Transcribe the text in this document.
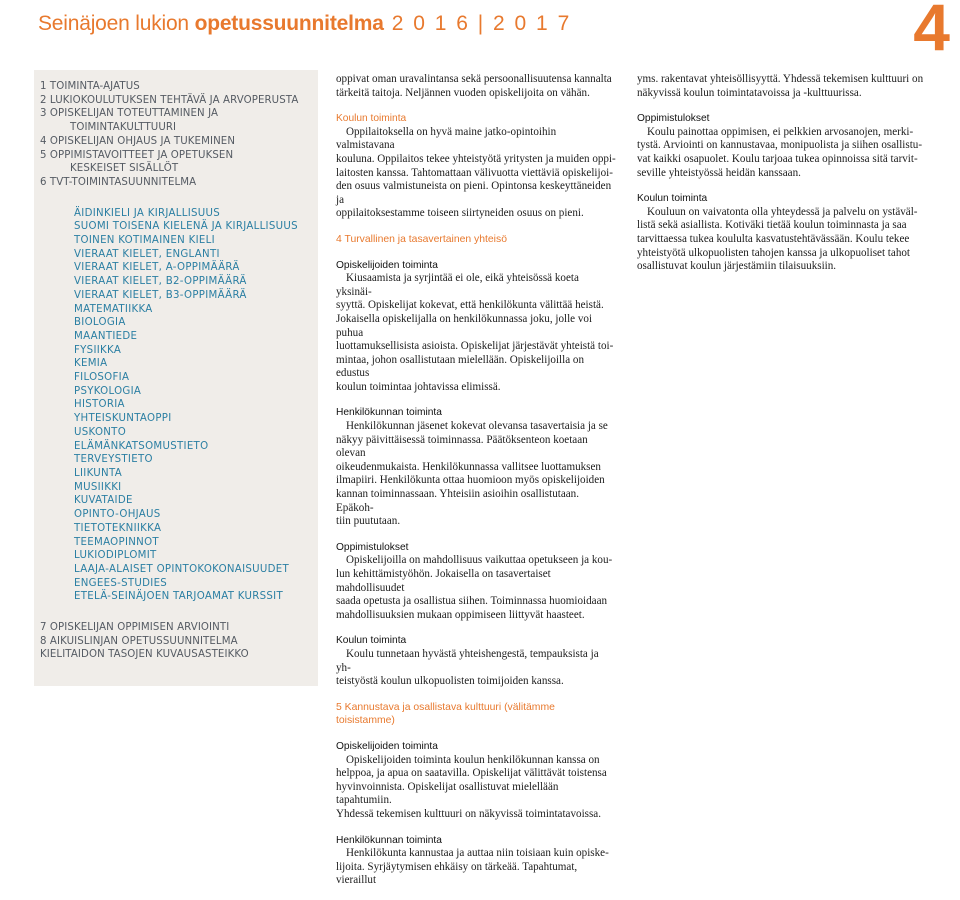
Seinäjoen lukion opetussuunnitelma 2 0 1 6 | 2 0 1 7	4
1 TOIMINTA-AJATUS
2 LUKIOKOULUTUKSEN TEHTÄVÄ JA ARVOPERUSTA
3 OPISKELIJAN TOTEUTTAMINEN JA
TOIMINTAKULTTUURI
4 OPISKELIJAN OHJAUS JA TUKEMINEN
5 OPPIMISTAVOITTEET JA OPETUKSEN
KESKEISET SISÄLLÖT
6 TVT-TOIMINTASUUNNITELMA
ÄIDINKIELI JA KIRJALLISUUS
SUOMI TOISENA KIELENÄ JA KIRJALLISUUS
TOINEN KOTIMAINEN KIELI
VIERAAT KIELET, ENGLANTI
VIERAAT KIELET, A-OPPIMÄÄRÄ
VIERAAT KIELET, B2-OPPIMÄÄRÄ
VIERAAT KIELET, B3-OPPIMÄÄRÄ
MATEMATIIKKA
BIOLOGIA
MAANTIEDE
FYSIIKKA
KEMIA
FILOSOFIA
PSYKOLOGIA
HISTORIA
YHTEISKUNTAOPPI
USKONTO
ELÄMÄNKATSOMUSTIETO
TERVEYSTIETO
LIIKUNTA
MUSIIKKI
KUVATAIDE
OPINTO-OHJAUS
TIETOTEKNIIKKA
TEEMAOPINNOT
LUKIODIPLOMIT
LAAJA-ALAISET OPINTOKOKONAISUUDET
ENGEES-STUDIES
ETELÄ-SEINÄJOEN TARJOAMAT KURSSIT
7 OPISKELIJAN OPPIMISEN ARVIOINTI
8 AIKUISLINJAN OPETUSSUUNNITELMA
KIELITAIDON TASOJEN KUVAUSASTEIKKO
oppivat oman uravalintansa sekä persoonallisuutensa kannalta
tärkeitä taitoja. Neljännen vuoden opiskelijoita on vähän.
Koulun toiminta
Oppilaitoksella on hyvä maine jatko-opintoihin valmistavana
kouluna. Oppilaitos tekee yhteistyötä yritysten ja muiden oppi-
laitosten kanssa. Tahtomattaan välivuotta viettäviä opiskelijoi-
den osuus valmistuneista on pieni. Opintonsa keskeyttäneiden ja
oppilaitoksestamme toiseen siirtyneiden osuus on pieni.
4 Turvallinen ja tasavertainen yhteisö
Opiskelijoiden toiminta
Kiusaamista ja syrjintää ei ole, eikä yhteisössä koeta yksinäi-
syyttä. Opiskelijat kokevat, että henkilökunta välittää heistä.
Jokaisella opiskelijalla on henkilökunnassa joku, jolle voi puhua
luottamuksellisista asioista. Opiskelijat järjestävät yhteistä toi-
mintaa, johon osallistutaan mielellään. Opiskelijoilla on edustus
koulun toimintaa johtavissa elimissä.
Henkilökunnan toiminta
Henkilökunnan jäsenet kokevat olevansa tasavertaisia ja se
näkyy päivittäisessä toiminnassa. Päätöksenteon koetaan olevan
oikeudenmukaista. Henkilökunnassa vallitsee luottamuksen
ilmapiiri. Henkilökunta ottaa huomioon myös opiskelijoiden
kannan toiminnassaan. Yhteisiin asioihin osallistutaan. Epäkoh-
tiin puututaan.
Oppimistulokset
Opiskelijoilla on mahdollisuus vaikuttaa opetukseen ja kou-
lun kehittämistyöhön. Jokaisella on tasavertaiset mahdollisuudet
saada opetusta ja osallistua siihen. Toiminnassa huomioidaan
mahdollisuuksien mukaan oppimiseen liittyvät haasteet.
Koulun toiminta
Koulu tunnetaan hyvästä yhteishengestä, tempauksista ja yh-
teistyöstä koulun ulkopuolisten toimijoiden kanssa.
5 Kannustava ja osallistava kulttuuri (välitämme toisistamme)
Opiskelijoiden toiminta
Opiskelijoiden toiminta koulun henkilökunnan kanssa on
helppoa, ja apua on saatavilla. Opiskelijat välittävät toistensa
hyvinvoinnista. Opiskelijat osallistuvat mielellään tapahtumiin.
Yhdessä tekemisen kulttuuri on näkyvissä toimintatavoissa.
Henkilökunnan toiminta
Henkilökunta kannustaa ja auttaa niin toisiaan kuin opiske-
lijoita. Syrjäytymisen ehkäisy on tärkeää. Tapahtumat, vieraillut
yms. rakentavat yhteisöllisyyttä. Yhdessä tekemisen kulttuuri on
näkyvissä koulun toimintatavoissa ja -kulttuurissa.
Oppimistulokset
Koulu painottaa oppimisen, ei pelkkien arvosanojen, merki-
tystä. Arviointi on kannustavaa, monipuolista ja siihen osallistu-
vat kaikki osapuolet. Koulu tarjoaa tukea opinnoissa sitä tarvit-
seville yhteistyössä heidän kanssaan.
Koulun toiminta
Kouluun on vaivatonta olla yhteydessä ja palvelu on ystäväl-
listä sekä asiallista. Kotiväki tietää koulun toiminnasta ja saa
tarvittaessa tukea koululta kasvatustehtävässään. Koulu tekee
yhteistyötä ulkopuolisten tahojen kanssa ja ulkopuoliset tahot
osallistuvat koulun järjestämiin tilaisuuksiin.
